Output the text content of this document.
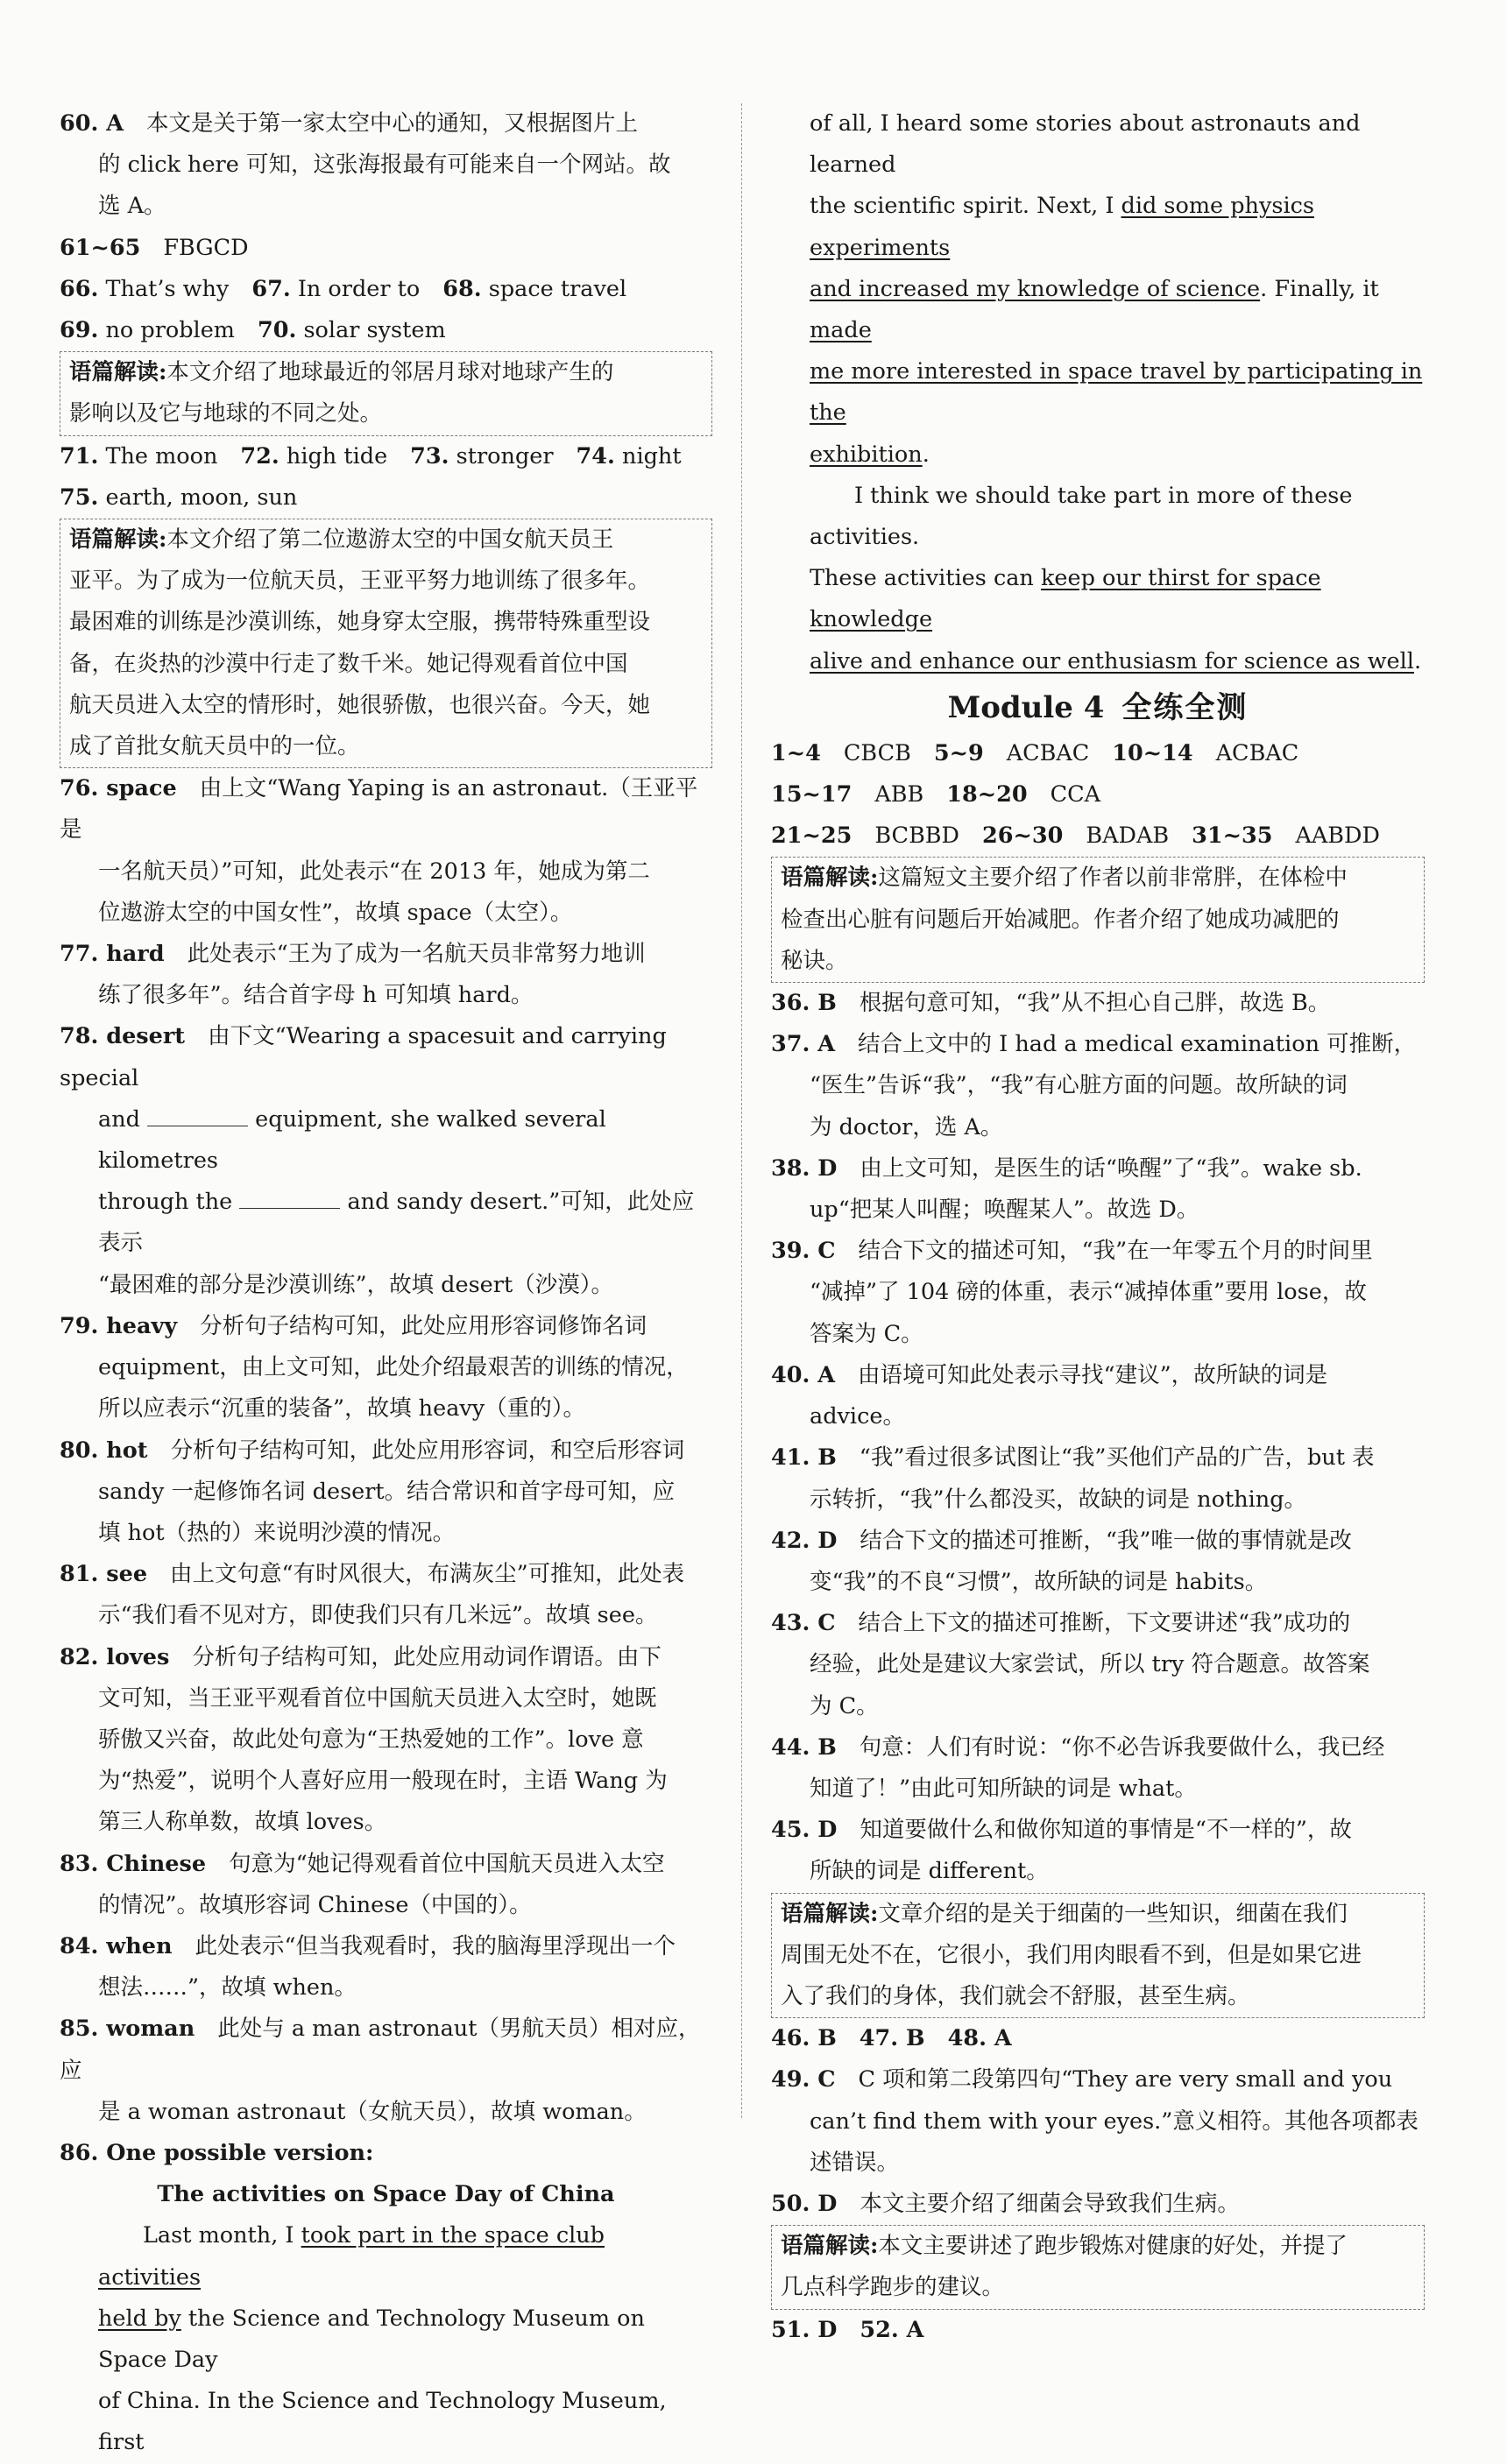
60. A 本文是关于第一家太空中心的通知，又根据图片上
的 click here 可知，这张海报最有可能来自一个网站。故
选 A。
61~65 FBGCD
66. That’s why 67. In order to 68. space travel
69. no problem 70. solar system
语篇解读:本文介绍了地球最近的邻居月球对地球产生的
影响以及它与地球的不同之处。
71. The moon 72. high tide 73. stronger 74. night
75. earth, moon, sun
语篇解读:本文介绍了第二位遨游太空的中国女航天员王
亚平。为了成为一位航天员，王亚平努力地训练了很多年。
最困难的训练是沙漠训练，她身穿太空服，携带特殊重型设
备，在炎热的沙漠中行走了数千米。她记得观看首位中国
航天员进入太空的情形时，她很骄傲，也很兴奋。今天，她
成了首批女航天员中的一位。
76. space 由上文“Wang Yaping is an astronaut.（王亚平是
一名航天员）”可知，此处表示“在 2013 年，她成为第二
位遨游太空的中国女性”，故填 space（太空）。
77. hard 此处表示“王为了成为一名航天员非常努力地训
练了很多年”。结合首字母 h 可知填 hard。
78. desert 由下文“Wearing a spacesuit and carrying special
and	equipment, she walked several kilometres
through the	and sandy desert.”可知，此处应表示
“最困难的部分是沙漠训练”，故填 desert（沙漠）。
79. heavy 分析句子结构可知，此处应用形容词修饰名词
equipment，由上文可知，此处介绍最艰苦的训练的情况，
所以应表示“沉重的装备”，故填 heavy（重的）。
80. hot 分析句子结构可知，此处应用形容词，和空后形容词
sandy 一起修饰名词 desert。结合常识和首字母可知，应
填 hot（热的）来说明沙漠的情况。
81. see 由上文句意“有时风很大，布满灰尘”可推知，此处表
示“我们看不见对方，即使我们只有几米远”。故填 see。
82. loves 分析句子结构可知，此处应用动词作谓语。由下
文可知，当王亚平观看首位中国航天员进入太空时，她既
骄傲又兴奋，故此处句意为“王热爱她的工作”。love 意
为“热爱”，说明个人喜好应用一般现在时，主语 Wang 为
第三人称单数，故填 loves。
83. Chinese 句意为“她记得观看首位中国航天员进入太空
的情况”。故填形容词 Chinese（中国的）。
84. when 此处表示“但当我观看时，我的脑海里浮现出一个
想法……”，故填 when。
85. woman 此处与 a man astronaut（男航天员）相对应，应
是 a woman astronaut（女航天员），故填 woman。
86. One possible version:
The activities on Space Day of China
Last month, I took part in the space club activities
held by the Science and Technology Museum on Space Day
of China. In the Science and Technology Museum, first
of all, I heard some stories about astronauts and learned
the scientific spirit. Next, I did some physics experiments
and increased my knowledge of science. Finally, it made
me more interested in space travel by participating in the
exhibition.
I think we should take part in more of these activities.
These activities can keep our thirst for space knowledge
alive and enhance our enthusiasm for science as well.
Module 4 全练全测
1~4 CBCB 5~9 ACBAC 10~14 ACBAC
15~17 ABB 18~20 CCA
21~25 BCBBD 26~30 BADAB 31~35 AABDD
语篇解读:这篇短文主要介绍了作者以前非常胖，在体检中
检查出心脏有问题后开始减肥。作者介绍了她成功减肥的
秘诀。
36. B 根据句意可知，“我”从不担心自己胖，故选 B。
37. A 结合上文中的 I had a medical examination 可推断，
“医生”告诉“我”，“我”有心脏方面的问题。故所缺的词
为 doctor，选 A。
38. D 由上文可知，是医生的话“唤醒”了“我”。wake sb.
up“把某人叫醒；唤醒某人”。故选 D。
39. C 结合下文的描述可知，“我”在一年零五个月的时间里
“减掉”了 104 磅的体重，表示“减掉体重”要用 lose，故
答案为 C。
40. A 由语境可知此处表示寻找“建议”，故所缺的词是
advice。
41. B “我”看过很多试图让“我”买他们产品的广告，but 表
示转折，“我”什么都没买，故缺的词是 nothing。
42. D 结合下文的描述可推断，“我”唯一做的事情就是改
变“我”的不良“习惯”，故所缺的词是 habits。
43. C 结合上下文的描述可推断，下文要讲述“我”成功的
经验，此处是建议大家尝试，所以 try 符合题意。故答案
为 C。
44. B 句意：人们有时说：“你不必告诉我要做什么，我已经
知道了！”由此可知所缺的词是 what。
45. D 知道要做什么和做你知道的事情是“不一样的”，故
所缺的词是 different。
语篇解读:文章介绍的是关于细菌的一些知识，细菌在我们
周围无处不在，它很小，我们用肉眼看不到，但是如果它进
入了我们的身体，我们就会不舒服，甚至生病。
46. B 47. B 48. A
49. C C 项和第二段第四句“They are very small and you
can’t find them with your eyes.”意义相符。其他各项都表
述错误。
50. D 本文主要介绍了细菌会导致我们生病。
语篇解读:本文主要讲述了跑步锻炼对健康的好处，并提了
几点科学跑步的建议。
51. D 52. A
